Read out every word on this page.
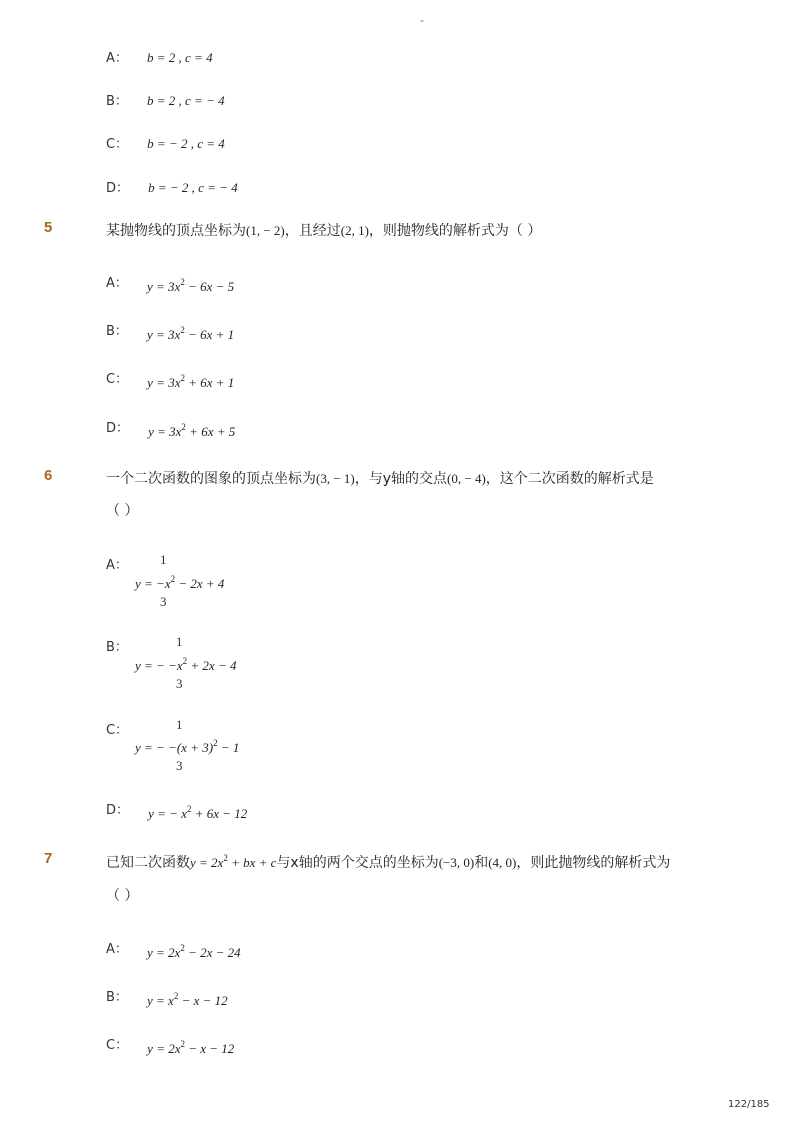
-
A： b = 2 , c = 4
B： b = 2 , c = − 4
C： b = − 2 , c = 4
D： b = − 2 , c = − 4
5	某抛物线的顶点坐标为(1, − 2)，且经过(2, 1)，则抛物线的解析式为（ ）
$^{A:}$ $y = 3x^2 - 6x - 5$
$^{B:}$ $y = 3x^2 - 6x + 1$
$^{C:}$ $y = 3x^2 + 6x + 1$
$^{D:}$ $y = 3x^2 + 6x + 5$
6	一个二次函数的图象的顶点坐标为(3, − 1)，与y轴的交点(0, − 4)，这个二次函数的解析式是
（ ）
A： 1
$y = -x^2 - 2x + 4$
3
B：	1
y = − $-x^2 + 2x - 4$
3
C：	1
y = − $-(x + 3)^2 - 1$
3
$^{D:}$ y = − $x^2 + 6x - 12$
7	已知二次函数$y = 2x^2$ + bx + c与x轴的两个交点的坐标为(−3, 0)和(4, 0)，则此抛物线的解析式为
（ ）
$^{A:}$ $y = 2x^2 - 2x - 24$
$^{B:}$ $y = x^2 - x - 12$
$^{C:}$ $y = 2x^2 - x - 12$
122/185
